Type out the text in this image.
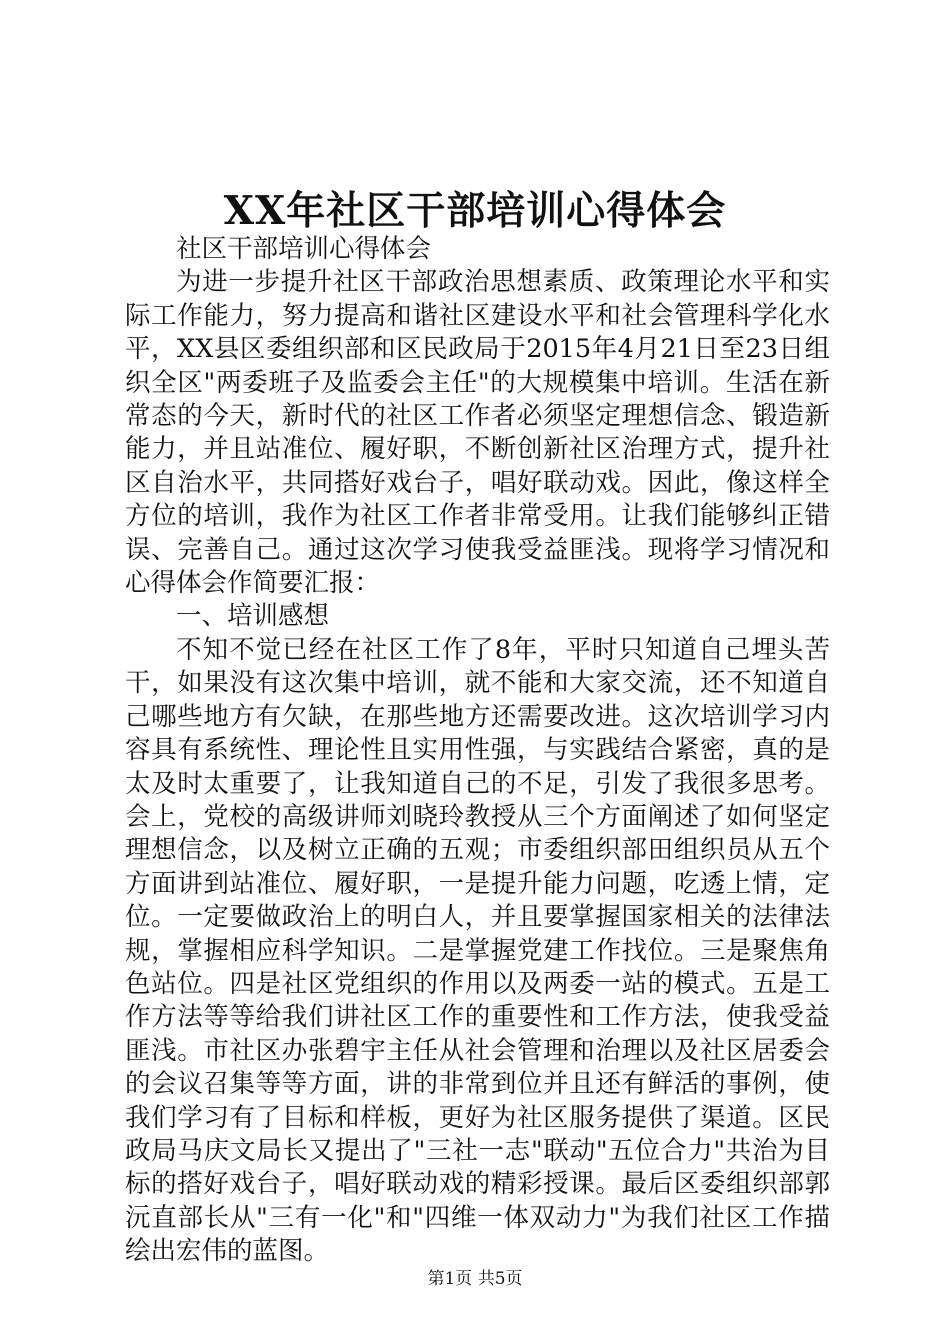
XX年社区干部培训心得体会

社区干部培训心得体会

为进一步提升社区干部政治思想素质、政策理论水平和实际工作能力，努力提高和谐社区建设水平和社会管理科学化水平，XX县区委组织部和区民政局于2015年4月21日至23日组织全区"两委班子及监委会主任"的大规模集中培训。生活在新常态的今天，新时代的社区工作者必须坚定理想信念、锻造新能力，并且站准位、履好职，不断创新社区治理方式，提升社区自治水平，共同搭好戏台子，唱好联动戏。因此，像这样全方位的培训，我作为社区工作者非常受用。让我们能够纠正错误、完善自己。通过这次学习使我受益匪浅。现将学习情况和心得体会作简要汇报：

一、培训感想

不知不觉已经在社区工作了8年，平时只知道自己埋头苦干，如果没有这次集中培训，就不能和大家交流，还不知道自己哪些地方有欠缺，在那些地方还需要改进。这次培训学习内容具有系统性、理论性且实用性强，与实践结合紧密，真的是太及时太重要了，让我知道自己的不足，引发了我很多思考。会上，党校的高级讲师刘晓玲教授从三个方面阐述了如何坚定理想信念，以及树立正确的五观；市委组织部田组织员从五个方面讲到站准位、履好职，一是提升能力问题，吃透上情，定位。一定要做政治上的明白人，并且要掌握国家相关的法律法规，掌握相应科学知识。二是掌握党建工作找位。三是聚焦角色站位。四是社区党组织的作用以及两委一站的模式。五是工作方法等等给我们讲社区工作的重要性和工作方法，使我受益匪浅。市社区办张碧宇主任从社会管理和治理以及社区居委会的会议召集等等方面，讲的非常到位并且还有鲜活的事例，使我们学习有了目标和样板，更好为社区服务提供了渠道。区民政局马庆文局长又提出了"三社一志"联动"五位合力"共治为目标的搭好戏台子，唱好联动戏的精彩授课。最后区委组织部郭沅直部长从"三有一化"和"四维一体双动力"为我们社区工作描绘出宏伟的蓝图。

第1页 共5页
